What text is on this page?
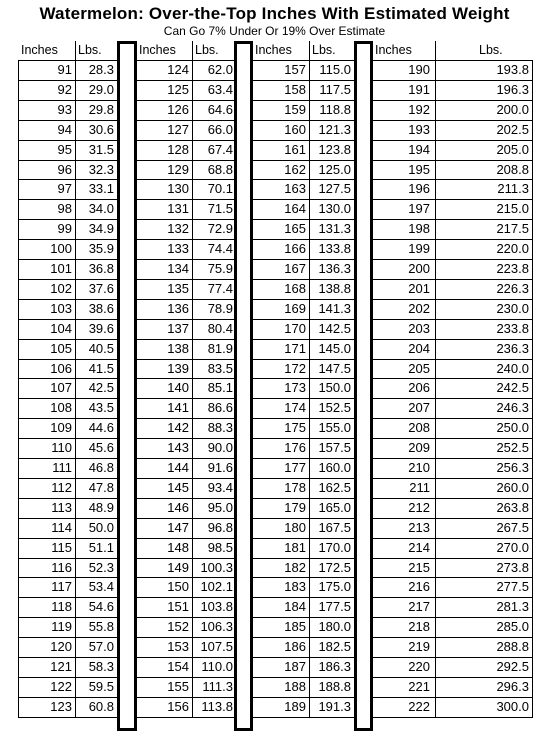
Watermelon: Over-the-Top Inches With Estimated Weight
Can Go 7% Under Or 19% Over Estimate
Inches	Lbs.
91	28.3
92	29.0
93	29.8
94	30.6
95	31.5
96	32.3
97	33.1
98	34.0
99	34.9
100	35.9
101	36.8
102	37.6
103	38.6
104	39.6
105	40.5
106	41.5
107	42.5
108	43.5
109	44.6
110	45.6
111	46.8
112	47.8
113	48.9
114	50.0
115	51.1
116	52.3
117	53.4
118	54.6
119	55.8
120	57.0
121	58.3
122	59.5
123	60.8
Inches	Lbs.
124	62.0
125	63.4
126	64.6
127	66.0
128	67.4
129	68.8
130	70.1
131	71.5
132	72.9
133	74.4
134	75.9
135	77.4
136	78.9
137	80.4
138	81.9
139	83.5
140	85.1
141	86.6
142	88.3
143	90.0
144	91.6
145	93.4
146	95.0
147	96.8
148	98.5
149 100.3
150 102.1
151 103.8
152 106.3
153 107.5
154 110.0
155	111.3
156 113.8
Inches	Lbs.
157	115.0
158	117.5
159	118.8
160 121.3
161 123.8
162 125.0
163 127.5
164 130.0
165 131.3
166 133.8
167 136.3
168 138.8
169 141.3
170 142.5
171 145.0
172 147.5
173 150.0
174 152.5
175 155.0
176 157.5
177 160.0
178 162.5
179 165.0
180 167.5
181 170.0
182 172.5
183 175.0
184 177.5
185 180.0
186 182.5
187 186.3
188 188.8
189 191.3
Inches	Lbs.
190	193.8
191	196.3
192	200.0
193	202.5
194	205.0
195	208.8
196	211.3
197	215.0
198	217.5
199	220.0
200	223.8
201	226.3
202	230.0
203	233.8
204	236.3
205	240.0
206	242.5
207	246.3
208	250.0
209	252.5
210	256.3
211	260.0
212	263.8
213	267.5
214	270.0
215	273.8
216	277.5
217	281.3
218	285.0
219	288.8
220	292.5
221	296.3
222	300.0
